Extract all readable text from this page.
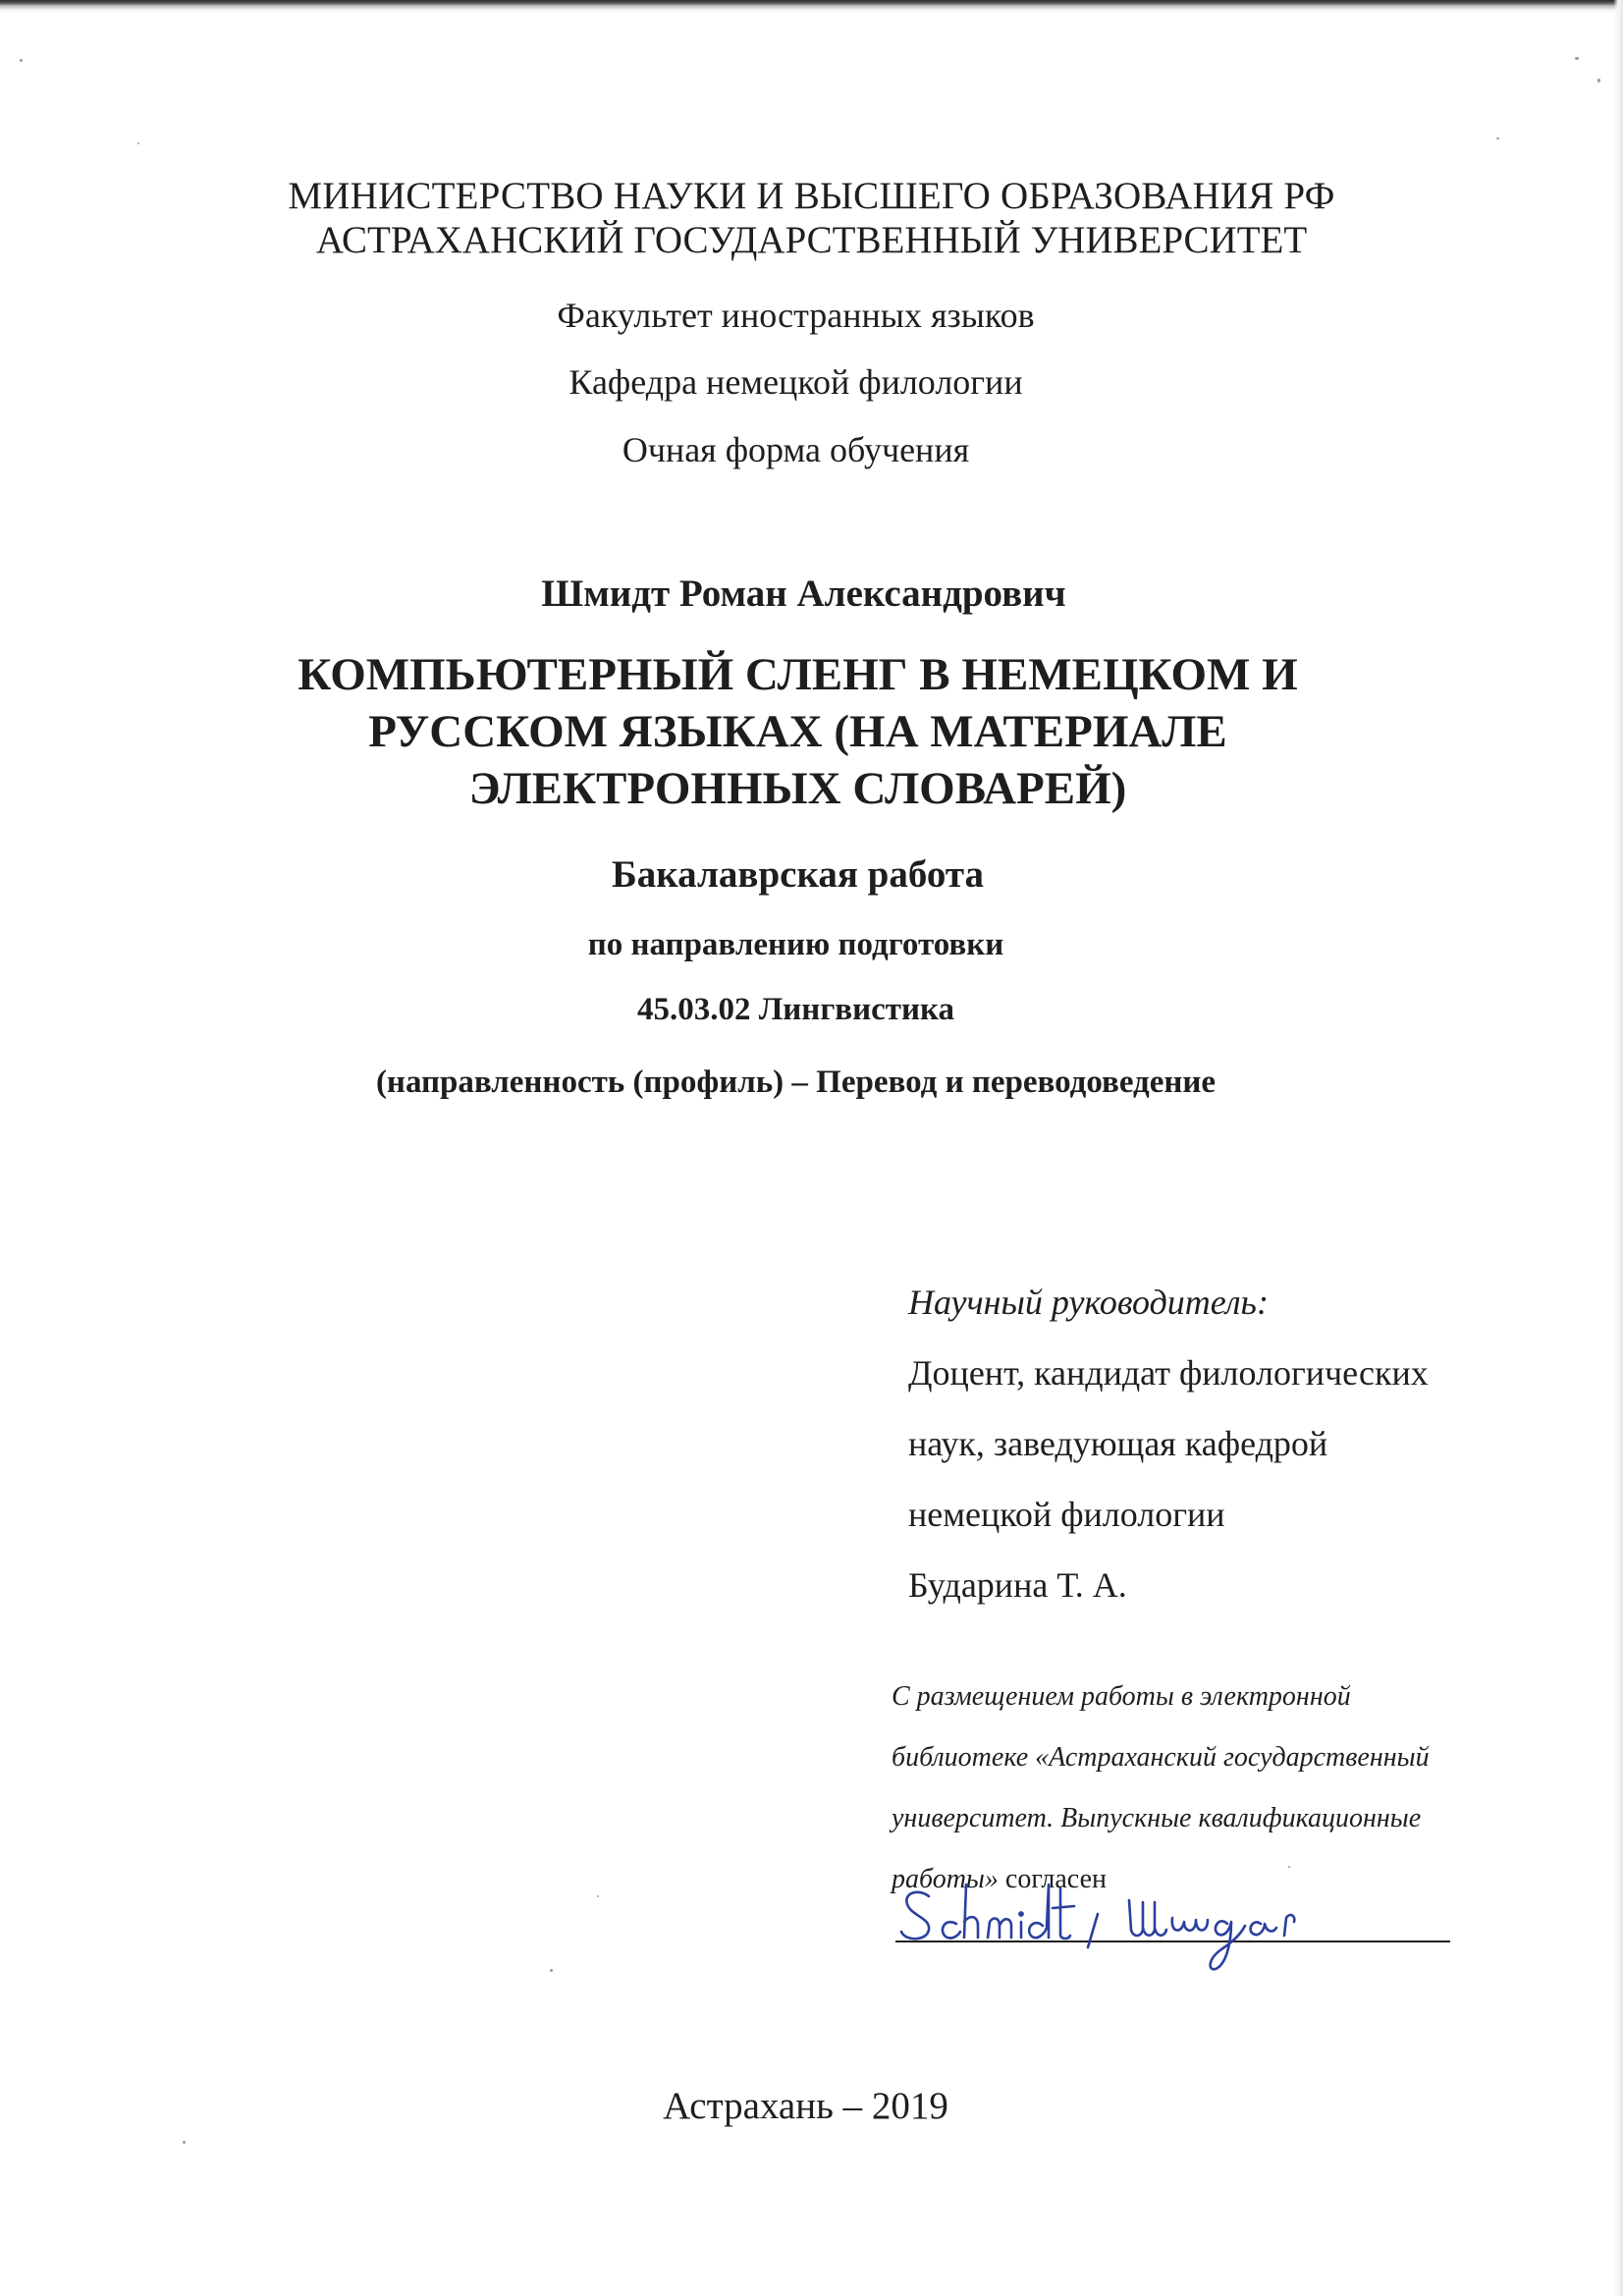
МИНИСТЕРСТВО НАУКИ И ВЫСШЕГО ОБРАЗОВАНИЯ РФ
АСТРАХАНСКИЙ ГОСУДАРСТВЕННЫЙ УНИВЕРСИТЕТ
Факультет иностранных языков
Кафедра немецкой филологии
Очная форма обучения
Шмидт Роман Александрович
КОМПЬЮТЕРНЫЙ СЛЕНГ В НЕМЕЦКОМ И
РУССКОМ ЯЗЫКАХ (НА МАТЕРИАЛЕ
ЭЛЕКТРОННЫХ СЛОВАРЕЙ)
Бакалаврская работа
по направлению подготовки
45.03.02 Лингвистика
(направленность (профиль) – Перевод и переводоведение
Научный руководитель:
Доцент, кандидат филологических
наук, заведующая кафедрой
немецкой филологии
Бударина Т. А.
С размещением работы в электронной
библиотеке «Астраханский государственный
университет. Выпускные квалификационные
работы» согласен
Астрахань – 2019
